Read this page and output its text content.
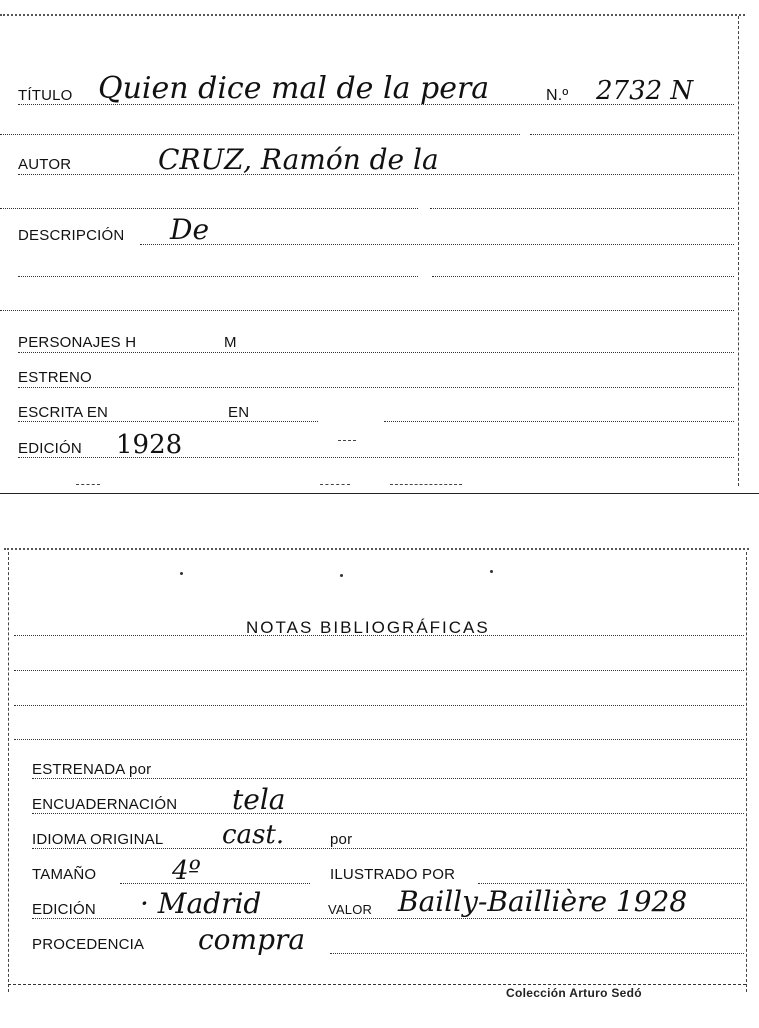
TÍTULO Quien dice mal de la pera	N.º 2732 N
AUTOR	CRUZ, Ramón de la
DESCRIPCIÓN De
PERSONAJES H	M
ESTRENO
ESCRITA EN	EN
EDICIÓN 1928
NOTAS BIBLIOGRÁFICAS
ESTRENADA por
ENCUADERNACIÓN tela
IDIOMA ORIGINAL cast.	por
TAMAÑO	4º	ILUSTRADO POR
EDICIÓN · Madrid	VALOR Bailly-Baillière 1928
PROCEDENCIA compra
Colección Arturo Sedó
